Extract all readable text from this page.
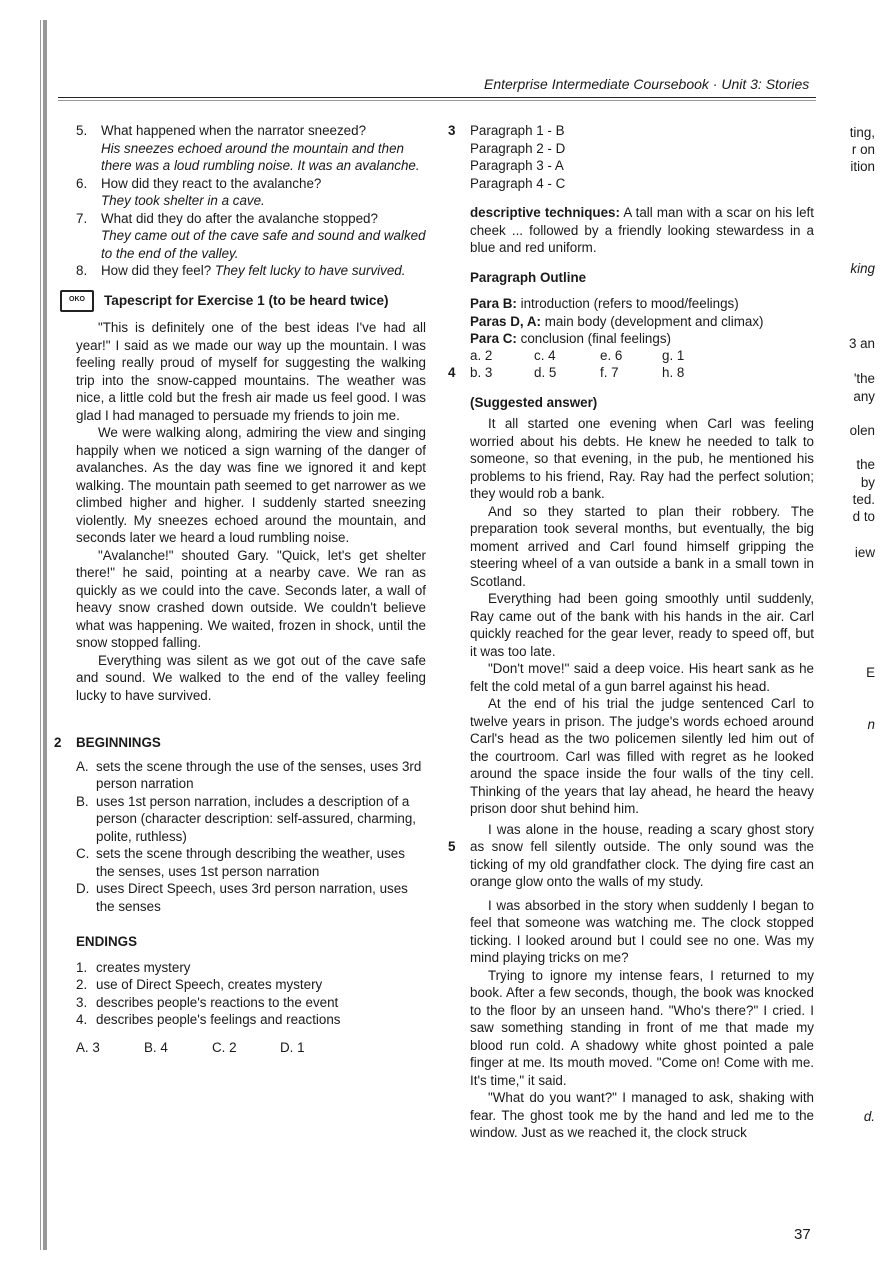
ting,
r on
ition
king
3 an
'the
any
olen
the
by
ted.
d to
iew
E
n
d.
Enterprise Intermediate Coursebook · Unit 3: Stories
5. What happened when the narrator sneezed?
His sneezes echoed around the mountain and then there was a loud rumbling noise. It was an avalanche.
6. How did they react to the avalanche?
They took shelter in a cave.
7. What did they do after the avalanche stopped?
They came out of the cave safe and sound and walked to the end of the valley.
8. How did they feel? They felt lucky to have survived.
OKO	Tapescript for Exercise 1 (to be heard twice)
"This is definitely one of the best ideas I've had all year!" I said as we made our way up the mountain. I was feeling really proud of myself for suggesting the walking trip into the snow-capped mountains. The weather was nice, a little cold but the fresh air made us feel good. I was glad I had managed to persuade my friends to join me.
We were walking along, admiring the view and singing happily when we noticed a sign warning of the danger of avalanches. As the day was fine we ignored it and kept walking. The mountain path seemed to get narrower as we climbed higher and higher. I suddenly started sneezing violently. My sneezes echoed around the mountain, and seconds later we heard a loud rumbling noise.
"Avalanche!" shouted Gary. "Quick, let's get shelter there!" he said, pointing at a nearby cave. We ran as quickly as we could into the cave. Seconds later, a wall of heavy snow crashed down outside. We couldn't believe what was happening. We waited, frozen in shock, until the snow stopped falling.
Everything was silent as we got out of the cave safe and sound. We walked to the end of the valley feeling lucky to have survived.
2 BEGINNINGS
A. sets the scene through the use of the senses, uses 3rd person narration
B. uses 1st person narration, includes a description of a person (character description: self-assured, charming, polite, ruthless)
C. sets the scene through describing the weather, uses the senses, uses 1st person narration
D. uses Direct Speech, uses 3rd person narration, uses the senses
ENDINGS
1. creates mystery
2. use of Direct Speech, creates mystery
3. describes people's reactions to the event
4. describes people's feelings and reactions
A. 3	B. 4	C. 2	D. 1
3 Paragraph 1 - B
Paragraph 2 - D
Paragraph 3 - A
Paragraph 4 - C
descriptive techniques: A tall man with a scar on his left cheek ... followed by a friendly looking stewardess in a blue and red uniform.
Paragraph Outline
Para B: introduction (refers to mood/feelings)
Paras D, A: main body (development and climax)
Para C: conclusion (final feelings)
4
a. 2	c. 4	e. 6	g. 1
b. 3	d. 5	f. 7	h. 8
(Suggested answer)
It all started one evening when Carl was feeling worried about his debts. He knew he needed to talk to someone, so that evening, in the pub, he mentioned his problems to his friend, Ray. Ray had the perfect solution; they would rob a bank.
And so they started to plan their robbery. The preparation took several months, but eventually, the big moment arrived and Carl found himself gripping the steering wheel of a van outside a bank in a small town in Scotland.
Everything had been going smoothly until suddenly, Ray came out of the bank with his hands in the air. Carl quickly reached for the gear lever, ready to speed off, but it was too late.
"Don't move!" said a deep voice. His heart sank as he felt the cold metal of a gun barrel against his head.
At the end of his trial the judge sentenced Carl to twelve years in prison. The judge's words echoed around Carl's head as the two policemen silently led him out of the courtroom. Carl was filled with regret as he looked around the space inside the four walls of the tiny cell. Thinking of the years that lay ahead, he heard the heavy prison door shut behind him.
5
I was alone in the house, reading a scary ghost story as snow fell silently outside. The only sound was the ticking of my old grandfather clock. The dying fire cast an orange glow onto the walls of my study.
I was absorbed in the story when suddenly I began to feel that someone was watching me. The clock stopped ticking. I looked around but I could see no one. Was my mind playing tricks on me?
Trying to ignore my intense fears, I returned to my book. After a few seconds, though, the book was knocked to the floor by an unseen hand. "Who's there?" I cried. I saw something standing in front of me that made my blood run cold. A shadowy white ghost pointed a pale finger at me. Its mouth moved. "Come on! Come with me. It's time," it said.
"What do you want?" I managed to ask, shaking with fear. The ghost took me by the hand and led me to the window. Just as we reached it, the clock struck
37
